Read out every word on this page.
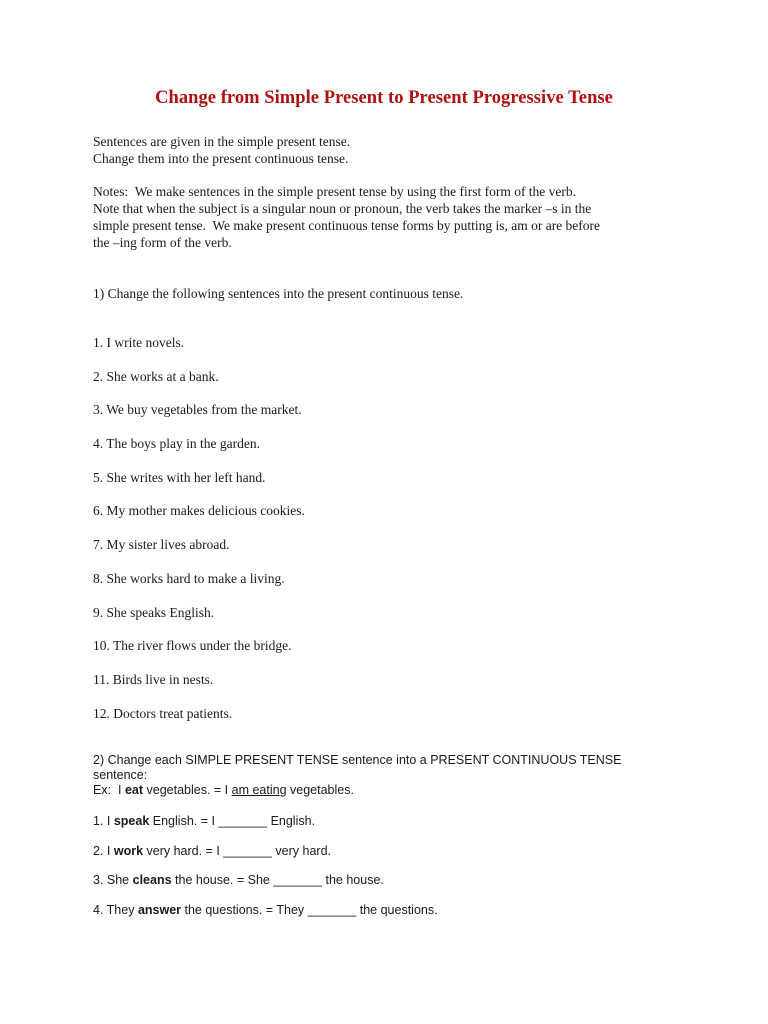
Change from Simple Present to Present Progressive Tense
Sentences are given in the simple present tense.
Change them into the present continuous tense.
Notes:  We make sentences in the simple present tense by using the first form of the verb.
Note that when the subject is a singular noun or pronoun, the verb takes the marker –s in the
simple present tense.  We make present continuous tense forms by putting is, am or are before
the –ing form of the verb.
1) Change the following sentences into the present continuous tense.
1. I write novels.
2. She works at a bank.
3. We buy vegetables from the market.
4. The boys play in the garden.
5. She writes with her left hand.
6. My mother makes delicious cookies.
7. My sister lives abroad.
8. She works hard to make a living.
9. She speaks English.
10. The river flows under the bridge.
11. Birds live in nests.
12. Doctors treat patients.
2) Change each SIMPLE PRESENT TENSE sentence into a PRESENT CONTINUOUS TENSE
sentence:
Ex:  I eat vegetables. = I am eating vegetables.
1. I speak English. = I _______ English.
2. I work very hard. = I _______ very hard.
3. She cleans the house. = She _______ the house.
4. They answer the questions. = They _______ the questions.
